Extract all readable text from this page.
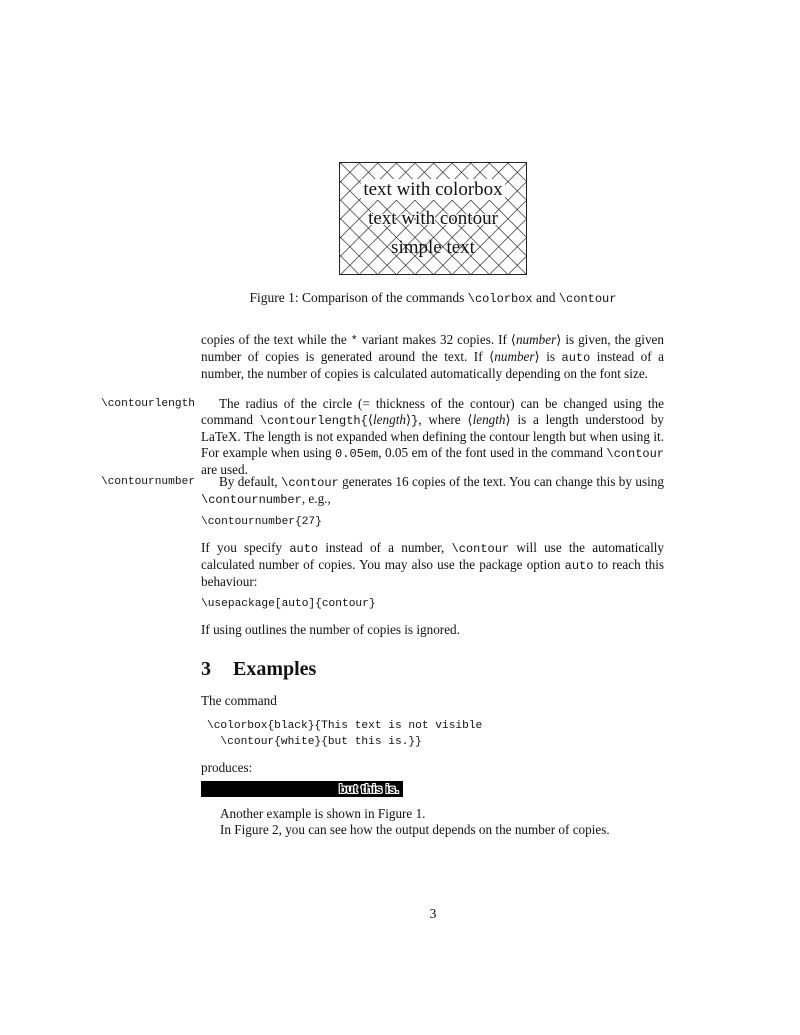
text with colorbox
text with contour
simple text
Figure 1: Comparison of the commands \colorbox and \contour
copies of the text while the * variant makes 32 copies. If ⟨number⟩ is given, the given number of copies is generated around the text. If ⟨number⟩ is auto instead of a number, the number of copies is calculated automatically depending on the font size.
\contourlength	The radius of the circle (= thickness of the contour) can be changed using the command \contourlength{⟨length⟩}, where ⟨length⟩ is a length understood by LaTeX. The length is not expanded when defining the contour length but when using it. For example when using 0.05em, 0.05 em of the font used in the command \contour are used.
\contournumber	By default, \contour generates 16 copies of the text. You can change this by using \contournumber, e.g.,
\contournumber{27}
If you specify auto instead of a number, \contour will use the automatically calculated number of copies. You may also use the package option auto to reach this behaviour:
\usepackage[auto]{contour}
If using outlines the number of copies is ignored.
3 Examples
The command
\colorbox{black}{This text is not visible
\contour{white}{but this is.}}
produces:
but this is.
Another example is shown in Figure 1.
In Figure 2, you can see how the output depends on the number of copies.
3
